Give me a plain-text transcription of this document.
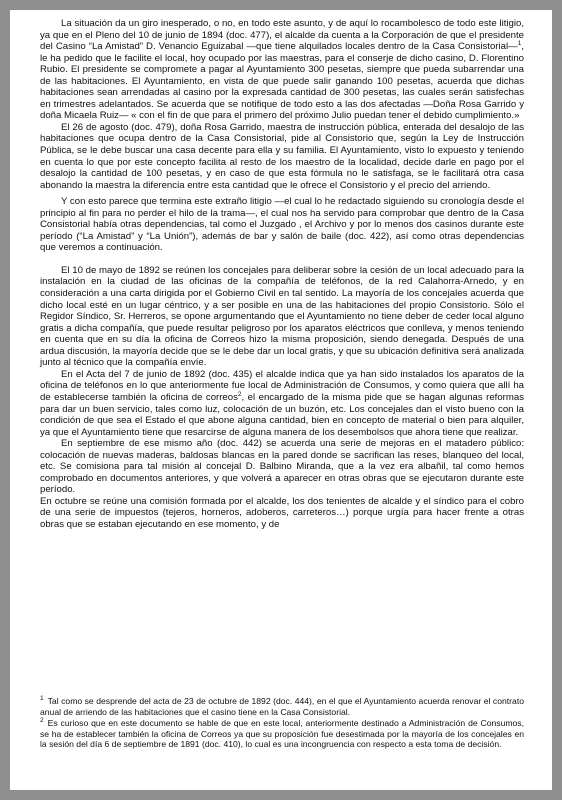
La situación da un giro inesperado, o no, en todo este asunto, y de aquí lo rocambolesco de todo este litigio, ya que en el Pleno del 10 de junio de 1894 (doc. 477), el alcalde da cuenta a la Corporación de que el presidente del Casino “La Amistad” D. Venancio Eguizabal —que tiene alquilados locales dentro de la Casa Consistorial—$^1$, le ha pedido que le facilite el local, hoy ocupado por las maestras, para el conserje de dicho casino, D. Florentino Rubio. El presidente se compromete a pagar al Ayuntamiento 300 pesetas, siempre que pueda subarrendar una de las habitaciones. El Ayuntamiento, en vista de que puede salir ganando 100 pesetas, acuerda que dichas habitaciones sean arrendadas al casino por la expresada cantidad de 300 pesetas, las cuales serán satisfechas en trimestres adelantados. Se acuerda que se notifique de todo esto a las dos afectadas —Doña Rosa Garrido y doña Micaela Ruiz— « con el fin de que para el primero del próximo Julio puedan tener el debido cumplimiento.»

El 26 de agosto (doc. 479), doña Rosa Garrido, maestra de instrucción pública, enterada del desalojo de las habitaciones que ocupa dentro de la Casa Consistorial, pide al Consistorio que, según la Ley de Instrucción Pública, se le debe buscar una casa decente para ella y su familia. El Ayuntamiento, visto lo expuesto y teniendo en cuenta lo que por este concepto facilita al resto de los maestro de la localidad, decide darle en pago por el desalojo la cantidad de 100 pesetas, y en caso de que esta fórmula no le satisfaga, se le facilitará otra casa abonando la maestra la diferencia entre esta cantidad que le ofrece el Consistorio y el precio del arriendo.

Y con esto parece que termina este extraño litigio —el cual lo he redactado siguiendo su cronología desde el principio al fin para no perder el hilo de la trama—, el cual nos ha servido para comprobar que dentro de la Casa Consistorial había otras dependencias, tal como el Juzgado , el Archivo y por lo menos dos casinos durante este período (“La Amistad” y “La Unión”), además de bar y salón de baile (doc. 422), así como otras dependencias que veremos a continuación.

El 10 de mayo de 1892 se reúnen los concejales para deliberar sobre la cesión de un local adecuado para la instalación en la ciudad de las oficinas de la compañía de teléfonos, de la red Calahorra-Arnedo, y en consideración a una carta dirigida por el Gobierno Civil en tal sentido. La mayoría de los concejales acuerda que dicho local esté en un lugar céntrico, y a ser posible en una de las habitaciones del propio Consistorio. Sólo el Regidor Síndico, Sr. Herreros, se opone argumentando que el Ayuntamiento no tiene deber de ceder local alguno gratis a dicha compañía, que puede resultar peligroso por los aparatos eléctricos que conlleva, y menos teniendo en cuenta que en su día la oficina de Correos hizo la misma proposición, siendo denegada. Después de una ardua discusión, la mayoría decide que se le debe dar un local gratis, y que su ubicación definitiva será analizada junto al técnico que la compañía envíe.

En el Acta del 7 de junio de 1892 (doc. 435) el alcalde indica que ya han sido instalados los aparatos de la oficina de teléfonos en lo que anteriormente fue local de Administración de Consumos, y como quiera que allí ha de establecerse también la oficina de correos$^2$, el encargado de la misma pide que se hagan algunas reformas para dar un buen servicio, tales como luz, colocación de un buzón, etc. Los concejales dan el visto bueno con la condición de que sea el Estado el que abone alguna cantidad, bien en concepto de material o bien para alquiler, ya que el Ayuntamiento tiene que resarcirse de alguna manera de los desembolsos que ahora tiene que realizar.

En septiembre de ese mismo año (doc. 442) se acuerda una serie de mejoras en el matadero público: colocación de nuevas maderas, baldosas blancas en la pared donde se sacrifican las reses, blanqueo del local, etc. Se comisiona para tal misión al concejal D. Balbino Miranda, que a la vez era albañil, tal como hemos comprobado en documentos anteriores, y que volverá a aparecer en otras obras que se ejecutaron durante este período.

En octubre se reúne una comisión formada por el alcalde, los dos tenientes de alcalde y el síndico para el cobro de una serie de impuestos (tejeros, horneros, adoberos, carreteros…) porque urgía para hacer frente a otras obras que se estaban ejecutando en ese momento, y de

$^1$ Tal como se desprende del acta de 23 de octubre de 1892 (doc. 444), en el que el Ayuntamiento acuerda renovar el contrato anual de arriendo de las habitaciones que el casino tiene en la Casa Consistorial.

$^2$ Es curioso que en este documento se hable de que en este local, anteriormente destinado a Administración de Consumos, se ha de establecer también la oficina de Correos ya que su proposición fue desestimada por la mayoría de los concejales en la sesión del día 6 de septiembre de 1891 (doc. 410), lo cual es una incongruencia con respecto a esta toma de decisión.
